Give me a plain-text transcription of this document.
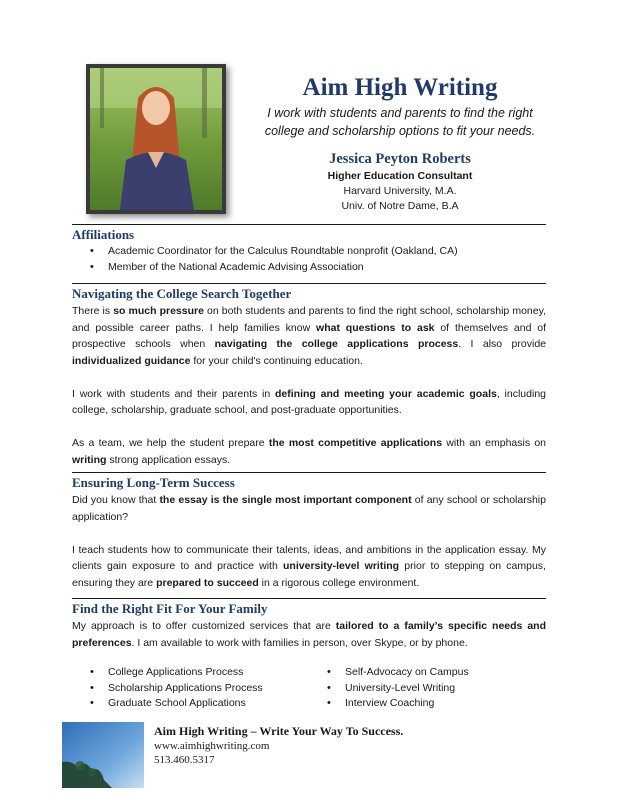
Aim High Writing

I work with students and parents to find the right

college and scholarship options to fit your needs.

Jessica Peyton Roberts

Higher Education Consultant

Harvard University, M.A.

Univ. of Notre Dame, B.A

Affiliations

• Academic Coordinator for the Calculus Roundtable nonprofit (Oakland, CA)
• Member of the National Academic Advising Association

Navigating the College Search Together

There is so much pressure on both students and parents to find the right school, scholarship money, and possible career paths. I help families know what questions to ask of themselves and of prospective schools when navigating the college applications process. I also provide individualized guidance for your child's continuing education.

I work with students and their parents in defining and meeting your academic goals, including college, scholarship, graduate school, and post-graduate opportunities.

As a team, we help the student prepare the most competitive applications with an emphasis on writing strong application essays.

Ensuring Long-Term Success

Did you know that the essay is the single most important component of any school or scholarship application?

I teach students how to communicate their talents, ideas, and ambitions in the application essay. My clients gain exposure to and practice with university-level writing prior to stepping on campus, ensuring they are prepared to succeed in a rigorous college environment.

Find the Right Fit For Your Family

My approach is to offer customized services that are tailored to a family’s specific needs and preferences. I am available to work with families in person, over Skype, or by phone.

• College Applications Process
• Scholarship Applications Process
• Graduate School Applications
• Self-Advocacy on Campus
• University-Level Writing
• Interview Coaching

Aim High Writing – Write Your Way To Success.

www.aimhighwriting.com

513.460.5317
